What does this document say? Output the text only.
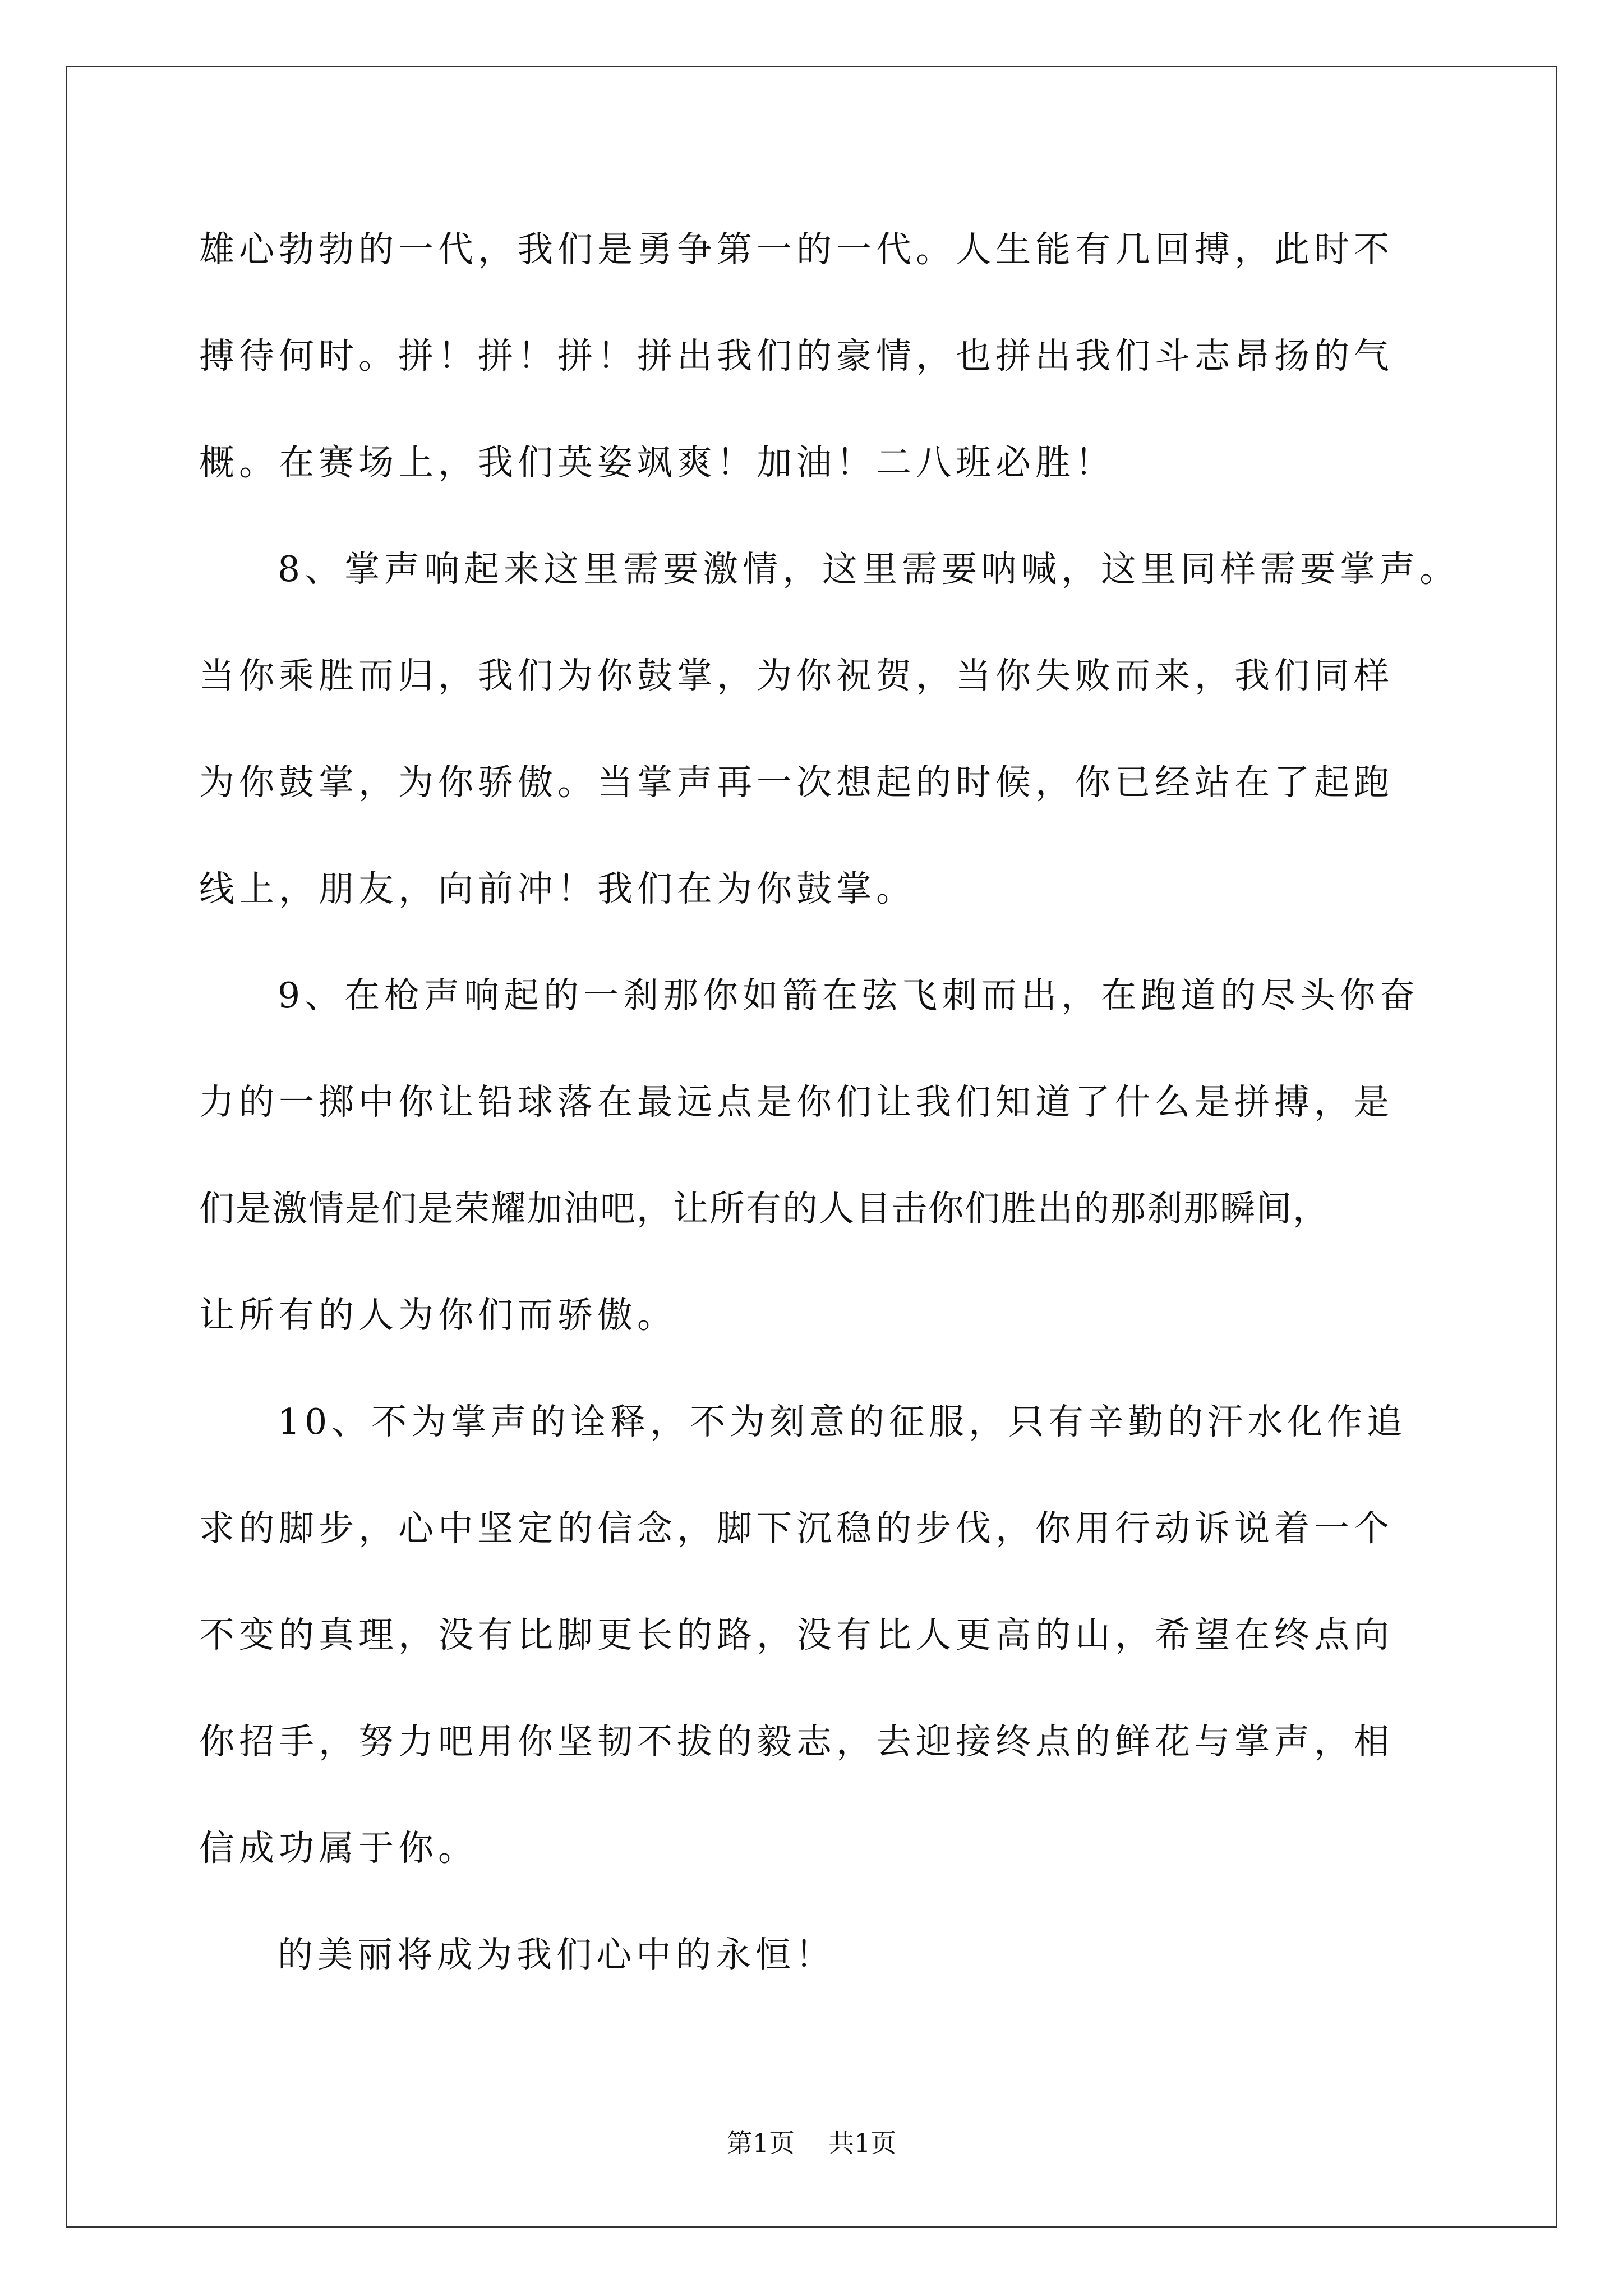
雄心勃勃的一代，我们是勇争第一的一代。人生能有几回搏，此时不
搏待何时。拼！拼！拼！拼出我们的豪情，也拼出我们斗志昂扬的气
概。在赛场上，我们英姿飒爽！加油！二八班必胜！
8、掌声响起来这里需要激情，这里需要呐喊，这里同样需要掌声。
当你乘胜而归，我们为你鼓掌，为你祝贺，当你失败而来，我们同样
为你鼓掌，为你骄傲。当掌声再一次想起的时候，你已经站在了起跑
线上，朋友，向前冲！我们在为你鼓掌。
9、在枪声响起的一刹那你如箭在弦飞刺而出，在跑道的尽头你奋
力的一掷中你让铅球落在最远点是你们让我们知道了什么是拼搏，是
们是激情是们是荣耀加油吧，让所有的人目击你们胜出的那刹那瞬间，
让所有的人为你们而骄傲。
10、不为掌声的诠释，不为刻意的征服，只有辛勤的汗水化作追
求的脚步，心中坚定的信念，脚下沉稳的步伐，你用行动诉说着一个
不变的真理，没有比脚更长的路，没有比人更高的山，希望在终点向
你招手，努力吧用你坚韧不拔的毅志，去迎接终点的鲜花与掌声，相
信成功属于你。
的美丽将成为我们心中的永恒！
第1页 共1页
